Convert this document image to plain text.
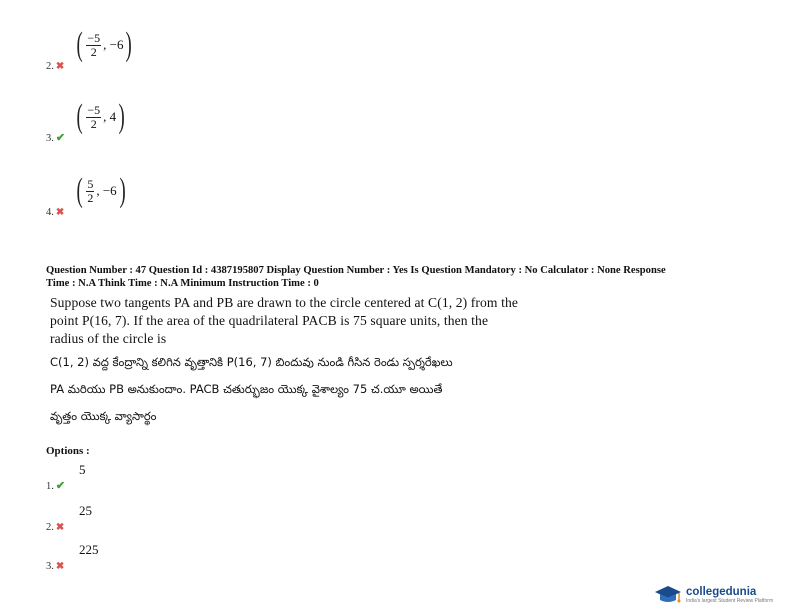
( $\frac{-5}{2}$ , −6 )
2. ✖
( $\frac{-5}{2}$ , 4 )
3. ✔
( $\frac{5}{2}$ , −6 )
4. ✖
Question Number : 47 Question Id : 4387195807 Display Question Number : Yes Is Question Mandatory : No Calculator : None Response
Time : N.A Think Time : N.A Minimum Instruction Time : 0
Suppose two tangents PA and PB are drawn to the circle centered at C(1, 2) from the
point P(16, 7). If the area of the quadrilateral PACB is 75 square units, then the
radius of the circle is
C(1, 2) వద్ద కేంద్రాన్ని కలిగిన వృత్తానికి P(16, 7) బిందువు నుండి గీసిన రెండు స్పర్శరేఖలు
PA మరియు PB అనుకుందాం. PACB చతుర్భుజం యొక్క వైశాల్యం 75 చ.యూ అయితే
వృత్తం యొక్క వ్యాసార్థం
Options :
5
1. ✔
25
2. ✖
225
3. ✖
collegedunia
India's largest Student Review Platform
